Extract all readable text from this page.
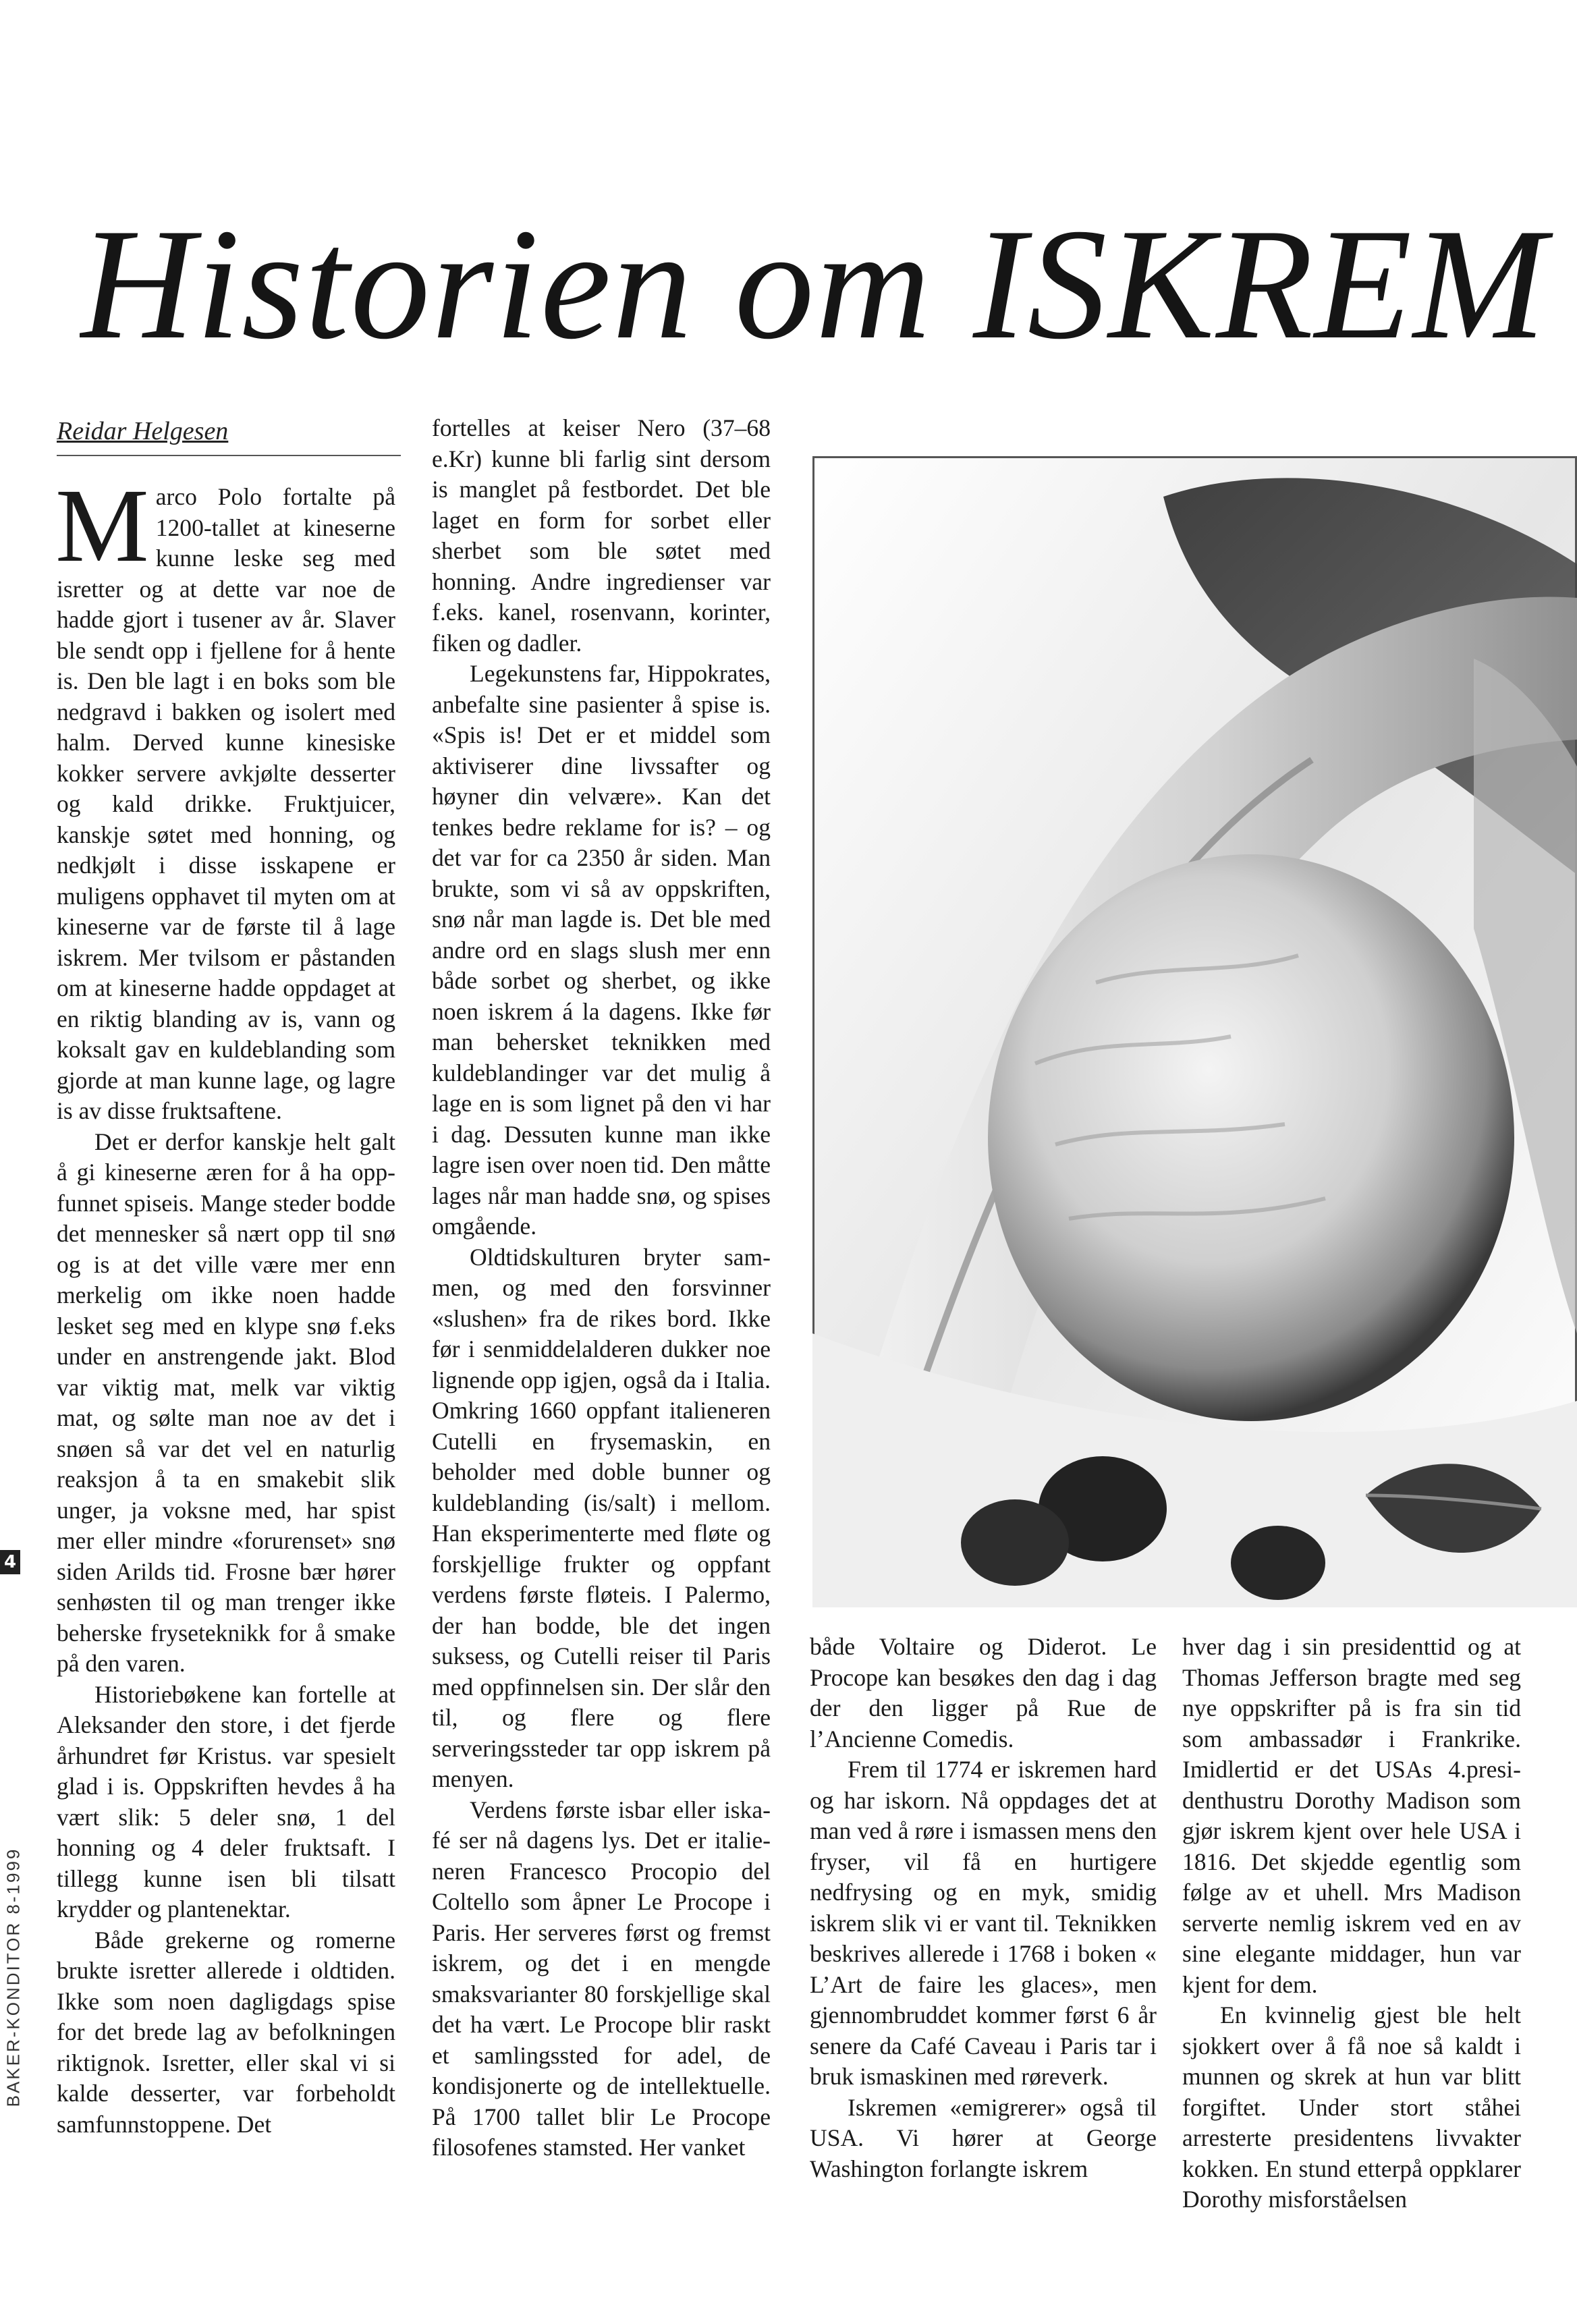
Historien om ISKREM
Reidar Helgesen

Marco Polo fortalte på 1200-tallet at kineserne kunne leske seg med isretter og at dette var noe de hadde gjort i tusener av år. Slaver ble sendt opp i fjellene for å hente is. Den ble lagt i en boks som ble nedgravd i bakken og isolert med halm. Derved kunne kinesiske kokker servere avkjølte desserter og kald drikke. Fruktjuicer, kanskje søtet med honning, og nedkjølt i disse isskapene er muligens opphavet til myten om at kineserne var de første til å lage iskrem. Mer tvilsom er påstanden om at kineserne hadde oppdaget at en riktig blanding av is, vann og koksalt gav en kuldeblanding som gjorde at man kunne lage, og lagre is av disse fruktsaftene.

Det er derfor kanskje helt galt å gi kineserne æren for å ha oppfunnet spiseis. Mange steder bodde det mennesker så nært opp til snø og is at det ville være mer enn merkelig om ikke noen hadde lesket seg med en klype snø f.eks under en anstrengende jakt. Blod var viktig mat, melk var viktig mat, og sølte man noe av det i snøen så var det vel en naturlig reaksjon å ta en smakebit slik unger, ja voksne med, har spist mer eller mindre «forurenset» snø siden Arilds tid. Frosne bær hører senhøsten til og man trenger ikke beherske fryseteknikk for å smake på den varen.

Historiebøkene kan fortelle at Aleksander den store, i det fjerde århundret før Kristus. var spesielt glad i is. Oppskriften hevdes å ha vært slik: 5 deler snø, 1 del honning og 4 deler fruktsaft. I tillegg kunne isen bli tilsatt krydder og plantenektar.

Både grekerne og romerne brukte isretter allerede i oldtiden. Ikke som noen dagligdags spise for det brede lag av befolkningen riktignok. Isretter, eller skal vi si kalde desserter, var forbeholdt samfunnstoppene. Det

fortelles at keiser Nero (37–68 e.Kr) kunne bli farlig sint dersom is manglet på festbordet. Det ble laget en form for sorbet eller sherbet som ble søtet med honning. Andre ingredienser var f.eks. kanel, rosenvann, korinter, fiken og dadler.

Legekunstens far, Hippokrates, anbefalte sine pasienter å spise is. «Spis is! Det er et middel som aktiviserer dine livssafter og høyner din velvære». Kan det tenkes bedre reklame for is? – og det var for ca 2350 år siden. Man brukte, som vi så av oppskriften, snø når man lagde is. Det ble med andre ord en slags slush mer enn både sorbet og sherbet, og ikke noen iskrem á la dagens. Ikke før man behersket teknikken med kuldeblandinger var det mulig å lage en is som lignet på den vi har i dag. Dessuten kunne man ikke lagre isen over noen tid. Den måtte lages når man hadde snø, og spises omgående.

Oldtidskulturen bryter sammen, og med den forsvinner «slushen» fra de rikes bord. Ikke før i senmiddelalderen dukker noe lignende opp igjen, også da i Italia. Omkring 1660 oppfant italieneren Cutelli en frysemaskin, en beholder med doble bunner og kuldeblanding (is/salt) i mellom. Han eksperimenterte med fløte og forskjellige frukter og oppfant verdens første fløteis. I Palermo, der han bodde, ble det ingen suksess, og Cutelli reiser til Paris med oppfinnelsen sin. Der slår den til, og flere og flere serveringssteder tar opp iskrem på menyen.

Verdens første isbar eller iskafé ser nå dagens lys. Det er italieneren Francesco Procopio del Coltello som åpner Le Procope i Paris. Her serveres først og fremst iskrem, og det i en mengde smaksvarianter 80 forskjellige skal det ha vært. Le Procope blir raskt et samlingssted for adel, de kondisjonerte og de intellektuelle. På 1700 tallet blir Le Procope filosofenes stamsted. Her vanket

både Voltaire og Diderot. Le Procope kan besøkes den dag i dag der den ligger på Rue de l’Ancienne Comedis.

Frem til 1774 er iskremen hard og har iskorn. Nå oppdages det at man ved å røre i ismassen mens den fryser, vil få en hurtigere nedfrysing og en myk, smidig iskrem slik vi er vant til. Teknikken beskrives allerede i 1768 i boken « L’Art de faire les glaces», men gjennombruddet kommer først 6 år senere da Café Caveau i Paris tar i bruk ismaskinen med røreverk.

Iskremen «emigrerer» også til USA. Vi hører at George Washington forlangte iskrem

hver dag i sin presidenttid og at Thomas Jefferson bragte med seg nye oppskrifter på is fra sin tid som ambassadør i Frankrike. Imidlertid er det USAs 4.presidenthustru Dorothy Madison som gjør iskrem kjent over hele USA i 1816. Det skjedde egentlig som følge av et uhell. Mrs Madison serverte nemlig iskrem ved en av sine elegante middager, hun var kjent for dem.

En kvinnelig gjest ble helt sjokkert over å få noe så kaldt i munnen og skrek at hun var blitt forgiftet. Under stort ståhei arresterte presidentens livvakter kokken. En stund etterpå oppklarer Dorothy misforståelsen

4
BAKER-KONDITOR 8-1999
